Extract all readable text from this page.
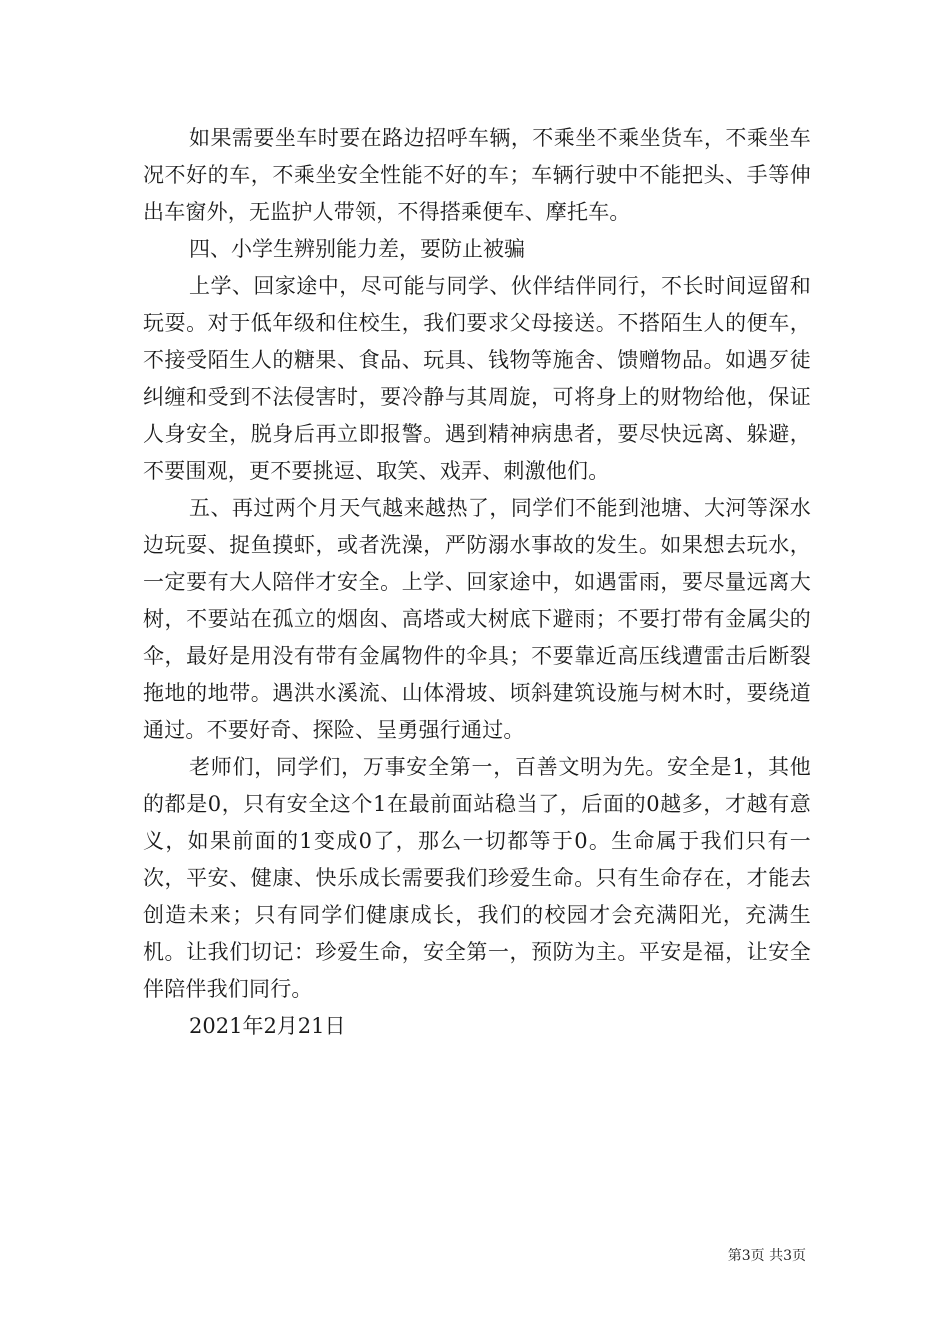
如果需要坐车时要在路边招呼车辆，不乘坐不乘坐货车，不乘坐车况不好的车，不乘坐安全性能不好的车；车辆行驶中不能把头、手等伸出车窗外，无监护人带领，不得搭乘便车、摩托车。

四、小学生辨别能力差，要防止被骗

上学、回家途中，尽可能与同学、伙伴结伴同行，不长时间逗留和玩耍。对于低年级和住校生，我们要求父母接送。不搭陌生人的便车，不接受陌生人的糖果、食品、玩具、钱物等施舍、馈赠物品。如遇歹徒纠缠和受到不法侵害时，要冷静与其周旋，可将身上的财物给他，保证人身安全，脱身后再立即报警。遇到精神病患者，要尽快远离、躲避，不要围观，更不要挑逗、取笑、戏弄、刺激他们。

五、再过两个月天气越来越热了，同学们不能到池塘、大河等深水边玩耍、捉鱼摸虾，或者洗澡，严防溺水事故的发生。如果想去玩水，一定要有大人陪伴才安全。上学、回家途中，如遇雷雨，要尽量远离大树，不要站在孤立的烟囱、高塔或大树底下避雨；不要打带有金属尖的伞，最好是用没有带有金属物件的伞具；不要靠近高压线遭雷击后断裂拖地的地带。遇洪水溪流、山体滑坡、顷斜建筑设施与树木时，要绕道通过。不要好奇、探险、呈勇强行通过。

老师们，同学们，万事安全第一，百善文明为先。安全是1，其他的都是0，只有安全这个1在最前面站稳当了，后面的0越多，才越有意义，如果前面的1变成0了，那么一切都等于0。生命属于我们只有一次，平安、健康、快乐成长需要我们珍爱生命。只有生命存在，才能去创造未来；只有同学们健康成长，我们的校园才会充满阳光，充满生机。让我们切记：珍爱生命，安全第一，预防为主。平安是福，让安全伴陪伴我们同行。

2021年2月21日

第3页 共3页
